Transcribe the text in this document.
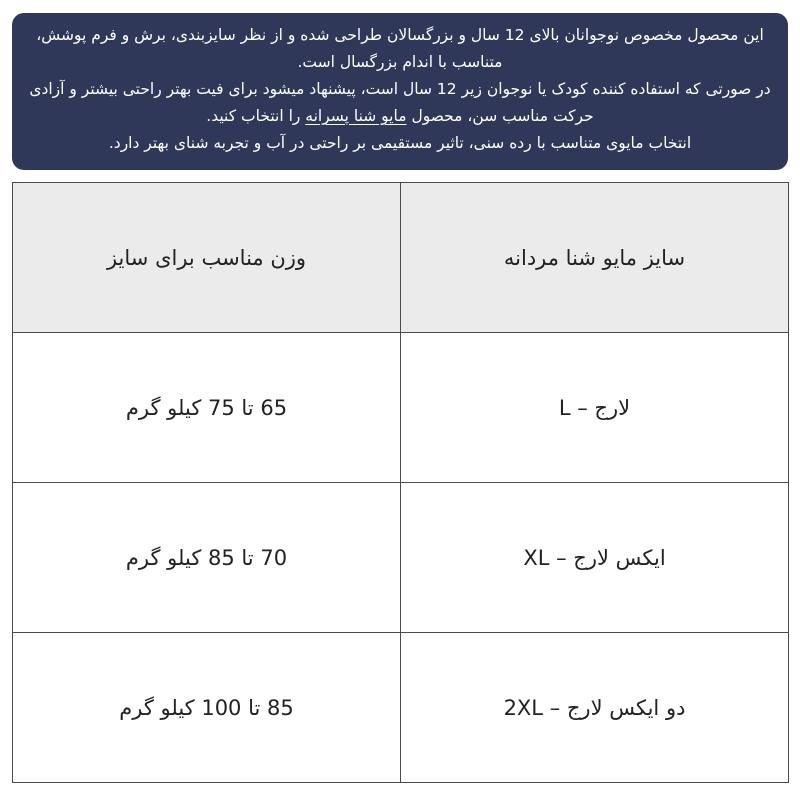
این محصول مخصوص نوجوانان بالای 12 سال و بزرگسالان طراحی شده و از نظر سایزبندی، برش و فرم پوشش، متناسب با اندام بزرگسال است.

در صورتی که استفاده کننده کودک یا نوجوان زیر 12 سال است، پیشنهاد میشود برای فیت بهتر راحتی بیشتر و آزادی حرکت مناسب سن، محصول مایو شنا پسرانه را انتخاب کنید.

انتخاب مایوی متناسب با رده سنی، تاثیر مستقیمی بر راحتی در آب و تجربه شنای بهتر دارد.

سایز مایو شنا مردانه	وزن مناسب برای سایز
لارج – L	65 تا 75 کیلو گرم
ایکس لارج – XL	70 تا 85 کیلو گرم
دو ایکس لارج – 2XL	85 تا 100 کیلو گرم
